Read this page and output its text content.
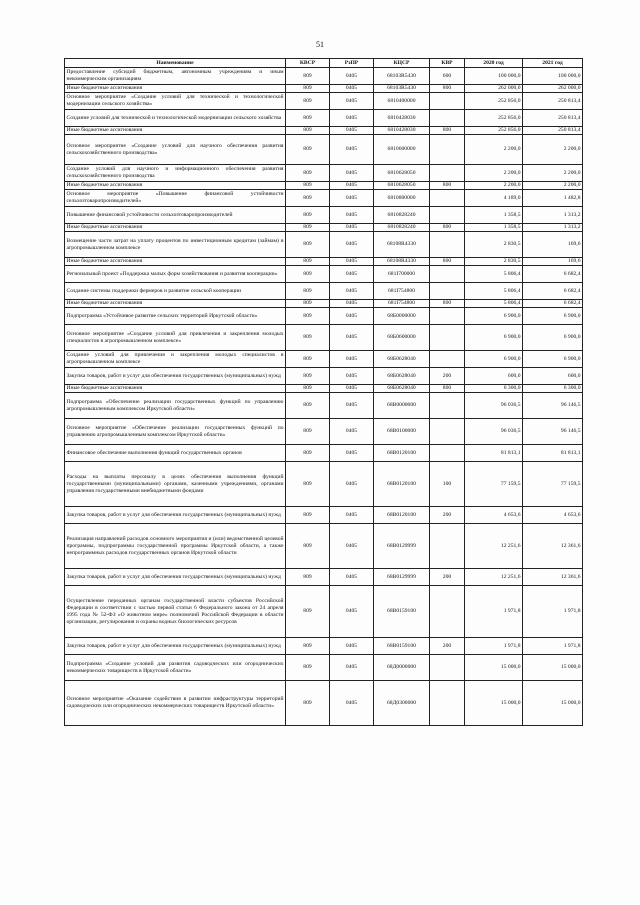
51
Наименование	КВСР	РзПР	КЦСР	КВР	2020 год	2021 год
Предоставление субсидий бюджетным, автономным учреждениям и иным некоммерческим организациям	809	0405	68103R5430	600	100 000,0	100 000,0
Иные бюджетные ассигнования	809	0405	68103R5430	800	262 000,0	262 000,0
Основное мероприятие «Создание условий для технической и технологической модернизации сельского хозяйства»	809	0405	6810400000		252 856,0	250 813,4
Создание условий для технической и технологической модернизации сельского хозяйства	809	0405	6810428030		252 856,0	250 813,4
Иные бюджетные ассигнования	809	0405	6810428030	800	252 856,0	250 813,4
Основное мероприятие «Создание условий для научного обеспечения развития сельскохозяйственного производства»	809	0405	6810600000		2 200,0	2 200,0
Создание условий для научного и информационного обеспечения развития сельскохозяйственного производства	809	0405	6810628050		2 200,0	2 200,0
Иные бюджетные ассигнования	809	0405	6810628050	800	2 200,0	2 200,0
Основное мероприятие «Повышение финансовой устойчивости сельхозтоваропроизводителей»	809	0405	6810800000		4 189,0	1 482,8
Повышение финансовой устойчивости сельхозтоваропроизводителей	809	0405	6810828240		1 358,5	1 313,2
Иные бюджетные ассигнования	809	0405	6810828240	800	1 358,5	1 313,2
Возмещение части затрат на уплату процентов по инвестиционным кредитам (займам) в агропромышленном комплексе	809	0405	68108R4330		2 830,5	169,6
Иные бюджетные ассигнования	809	0405	68108R4330	800	2 830,5	169,6
Региональный проект «Поддержка малых форм хозяйствования и развития кооперации»	809	0405	681I700000		5 806,4	6 682,4
Создание системы поддержки фермеров и развитие сельской кооперации	809	0405	681I754800		5 806,4	6 682,4
Иные бюджетные ассигнования	809	0405	681I754800	800	5 806,4	6 682,4
Подпрограмма «Устойчивое развитие сельских территорий Иркутской области»	809	0405	68Б0000000		6 900,0	6 900,0
Основное мероприятие «Создание условий для привлечения и закрепления молодых специалистов в агропромышленном комплексе»	809	0405	68Б0600000		6 900,0	6 900,0
Создание условий для привлечения и закрепления молодых специалистов в агропромышленном комплексе	809	0405	68Б0628040		6 900,0	6 900,0
Закупка товаров, работ и услуг для обеспечения государственных (муниципальных) нужд	809	0405	68Б0628040	200	600,0	600,0
Иные бюджетные ассигнования	809	0405	68Б0628040	800	6 300,0	6 300,0
Подпрограмма «Обеспечение реализации государственных функций по управлению агропромышленным комплексом Иркутской области»	809	0405	68В0000000		96 036,5	96 146,5
Основное мероприятие «Обеспечение реализации государственных функций по управлению агропромышленным комплексом Иркутской области»	809	0405	68В0100000		96 036,5	96 146,5
Финансовое обеспечение выполнения функций государственных органов	809	0405	68В0120100		81 813,1	81 813,1
Расходы на выплаты персоналу в целях обеспечения выполнения функций государственными (муниципальными) органами, казенными учреждениями, органами управления государственными внебюджетными фондами	809	0405	68В0120100	100	77 159,5	77 159,5
Закупка товаров, работ и услуг для обеспечения государственных (муниципальных) нужд	809	0405	68В0120100	200	4 653,6	4 653,6
Реализация направлений расходов основного мероприятия и (или) ведомственной целевой программы, подпрограммы государственной программы Иркутской области, а также непрограммных расходов государственных органов Иркутской области	809	0405	68В0129999		12 251,6	12 361,6
Закупка товаров, работ и услуг для обеспечения государственных (муниципальных) нужд	809	0405	68В0129999	200	12 251,6	12 361,6
Осуществление переданных органам государственной власти субъектов Российской Федерации в соответствии с частью первой статьи 6 Федерального закона от 24 апреля 1995 года № 52-ФЗ «О животном мире» полномочий Российской Федерации в области организации, регулирования и охраны водных биологических ресурсов	809	0405	68В0159100		1 971,8	1 971,8
Закупка товаров, работ и услуг для обеспечения государственных (муниципальных) нужд	809	0405	68В0159100	200	1 971,8	1 971,8
Подпрограмма «Создание условий для развития садоводческих или огороднических некоммерческих товариществ в Иркутской области»	809	0405	68Д0000000		15 000,0	15 000,0
Основное мероприятие «Оказание содействия в развитии инфраструктуры территорий садоводческих или огороднических некоммерческих товариществ Иркутской области»	809	0405	68Д0300000		15 000,0	15 000,0
